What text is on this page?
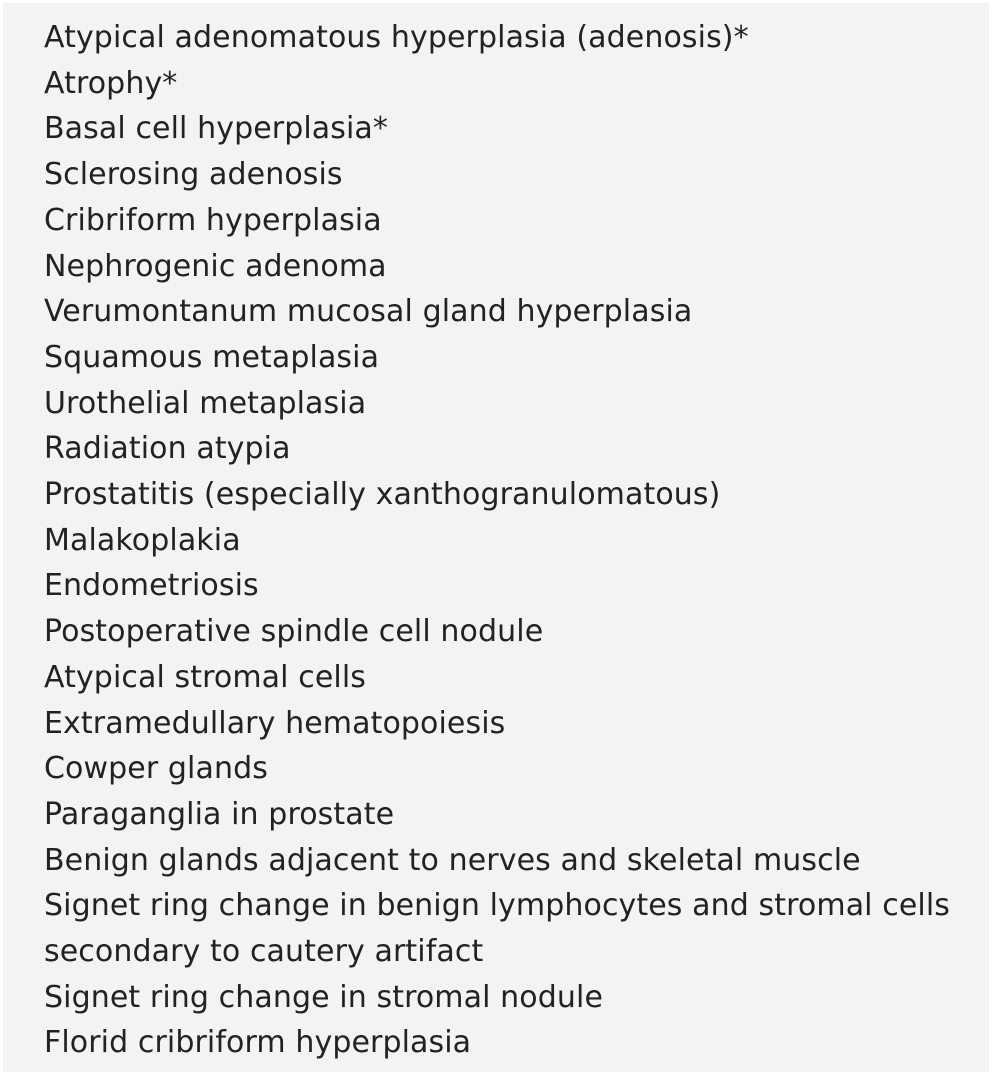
Atypical adenomatous hyperplasia (adenosis)*
Atrophy*
Basal cell hyperplasia*
Sclerosing adenosis
Cribriform hyperplasia
Nephrogenic adenoma
Verumontanum mucosal gland hyperplasia
Squamous metaplasia
Urothelial metaplasia
Radiation atypia
Prostatitis (especially xanthogranulomatous)
Malakoplakia
Endometriosis
Postoperative spindle cell nodule
Atypical stromal cells
Extramedullary hematopoiesis
Cowper glands
Paraganglia in prostate
Benign glands adjacent to nerves and skeletal muscle
Signet ring change in benign lymphocytes and stromal cells
secondary to cautery artifact
Signet ring change in stromal nodule
Florid cribriform hyperplasia
